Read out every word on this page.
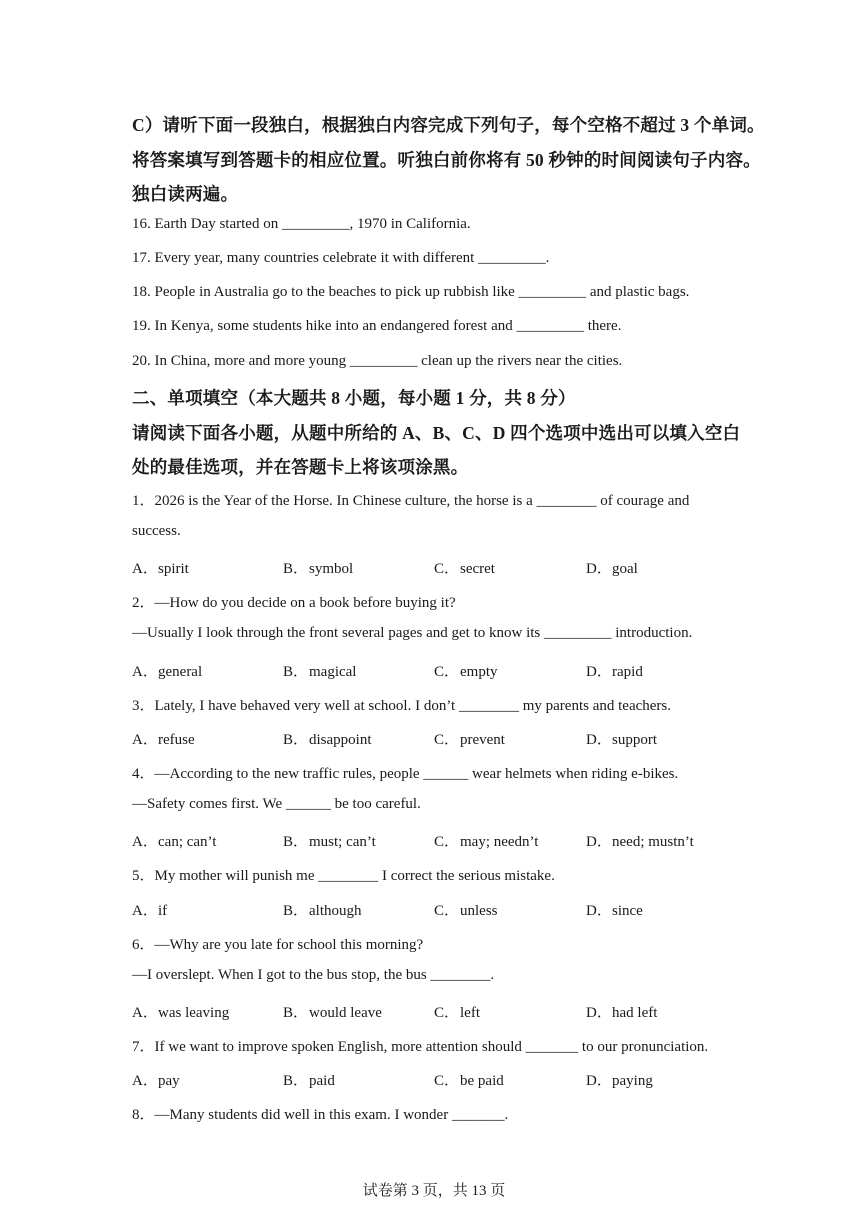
C）请听下面一段独白，根据独白内容完成下列句子，每个空格不超过 3 个单词。
将答案填写到答题卡的相应位置。听独白前你将有 50 秒钟的时间阅读句子内容。
独白读两遍。
16. Earth Day started on _________, 1970 in California.
17. Every year, many countries celebrate it with different _________.
18. People in Australia go to the beaches to pick up rubbish like _________ and plastic bags.
19. In Kenya, some students hike into an endangered forest and _________ there.
20. In China, more and more young _________ clean up the rivers near the cities.
二、单项填空（本大题共 8 小题，每小题 1 分，共 8 分）
请阅读下面各小题，从题中所给的 A、B、C、D 四个选项中选出可以填入空白
处的最佳选项，并在答题卡上将该项涂黑。
1．2026 is the Year of the Horse. In Chinese culture, the horse is a ________ of courage and
success.
A．spirit	B．symbol	C．secret	D．goal
2．—How do you decide on a book before buying it?
—Usually I look through the front several pages and get to know its _________ introduction.
A．general	B．magical	C．empty	D．rapid
3．Lately, I have behaved very well at school. I don’t ________ my parents and teachers.
A．refuse	B．disappoint	C．prevent	D．support
4．—According to the new traffic rules, people ______ wear helmets when riding e-bikes.
—Safety comes first. We ______ be too careful.
A．can; can’t	B．must; can’t	C．may; needn’t	D．need; mustn’t
5．My mother will punish me ________ I correct the serious mistake.
A．if	B．although	C．unless	D．since
6．—Why are you late for school this morning?
—I overslept. When I got to the bus stop, the bus ________.
A．was leaving	B．would leave	C．left	D．had left
7．If we want to improve spoken English, more attention should _______ to our pronunciation.
A．pay	B．paid	C．be paid	D．paying
8．—Many students did well in this exam. I wonder _______.
试卷第 3 页，共 13 页
